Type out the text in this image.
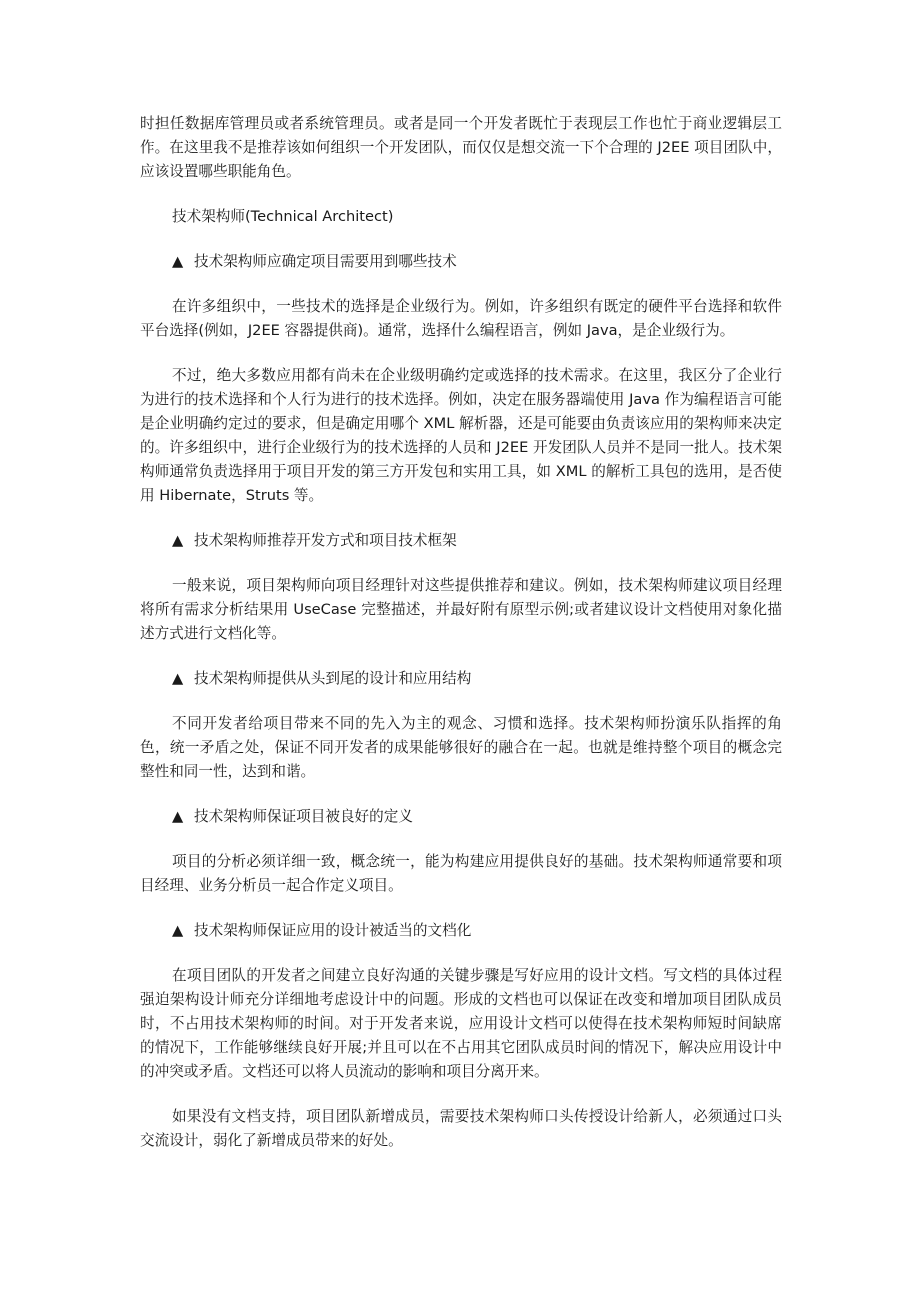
时担任数据库管理员或者系统管理员。或者是同一个开发者既忙于表现层工作也忙于商业逻辑层工作。在这里我不是推荐该如何组织一个开发团队，而仅仅是想交流一下个合理的 J2EE 项目团队中，应该设置哪些职能角色。

技术架构师(Technical Architect)

▲ 技术架构师应确定项目需要用到哪些技术

在许多组织中，一些技术的选择是企业级行为。例如，许多组织有既定的硬件平台选择和软件平台选择(例如，J2EE 容器提供商)。通常，选择什么编程语言，例如 Java，是企业级行为。

不过，绝大多数应用都有尚未在企业级明确约定或选择的技术需求。在这里，我区分了企业行为进行的技术选择和个人行为进行的技术选择。例如，决定在服务器端使用 Java 作为编程语言可能是企业明确约定过的要求，但是确定用哪个 XML 解析器，还是可能要由负责该应用的架构师来决定的。许多组织中，进行企业级行为的技术选择的人员和 J2EE 开发团队人员并不是同一批人。技术架构师通常负责选择用于项目开发的第三方开发包和实用工具，如 XML 的解析工具包的选用，是否使用 Hibernate，Struts 等。

▲ 技术架构师推荐开发方式和项目技术框架

一般来说，项目架构师向项目经理针对这些提供推荐和建议。例如，技术架构师建议项目经理将所有需求分析结果用 UseCase 完整描述，并最好附有原型示例;或者建议设计文档使用对象化描述方式进行文档化等。

▲ 技术架构师提供从头到尾的设计和应用结构

不同开发者给项目带来不同的先入为主的观念、习惯和选择。技术架构师扮演乐队指挥的角色，统一矛盾之处，保证不同开发者的成果能够很好的融合在一起。也就是维持整个项目的概念完整性和同一性，达到和谐。

▲ 技术架构师保证项目被良好的定义

项目的分析必须详细一致，概念统一，能为构建应用提供良好的基础。技术架构师通常要和项目经理、业务分析员一起合作定义项目。

▲ 技术架构师保证应用的设计被适当的文档化

在项目团队的开发者之间建立良好沟通的关键步骤是写好应用的设计文档。写文档的具体过程强迫架构设计师充分详细地考虑设计中的问题。形成的文档也可以保证在改变和增加项目团队成员时，不占用技术架构师的时间。对于开发者来说，应用设计文档可以使得在技术架构师短时间缺席的情况下，工作能够继续良好开展;并且可以在不占用其它团队成员时间的情况下，解决应用设计中的冲突或矛盾。文档还可以将人员流动的影响和项目分离开来。

如果没有文档支持，项目团队新增成员，需要技术架构师口头传授设计给新人，必须通过口头交流设计，弱化了新增成员带来的好处。
